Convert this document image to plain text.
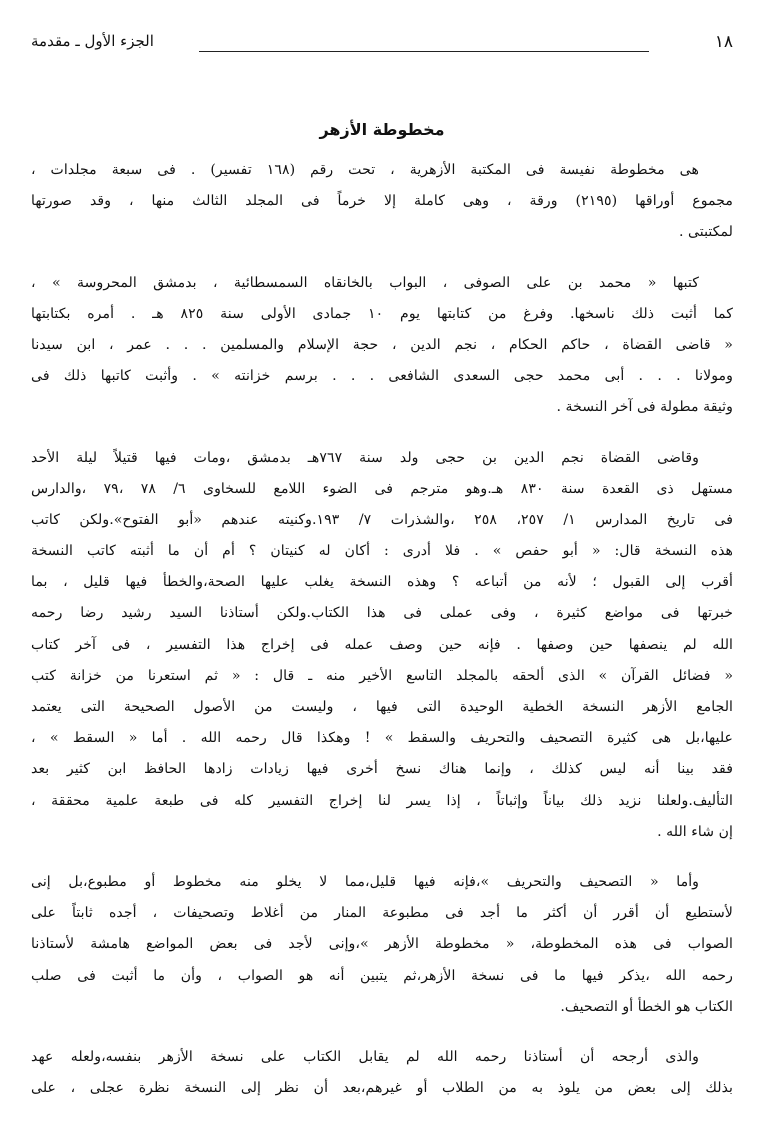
١٨
الجزء الأول ـ مقدمة
مخطوطة الأزهر
هى مخطوطة نفيسة فى المكتبة الأزهرية ، تحت رقم (١٦٨ تفسير) . فى سبعة مجلدات ،
مجموع أوراقها (٢١٩٥) ورقة ، وهى كاملة إلا خرماً فى المجلد الثالث منها ، وقد صورتها
لمكتبتى .
كتبها « محمد بن على الصوفى ، البواب بالخانقاه السمسطائية ، بدمشق المحروسة » ،
كما أثبت ذلك ناسخها. وفرغ من كتابتها يوم ١٠ جمادى الأولى سنة ٨٢٥ هـ . أمره بكتابتها
« قاضى القضاة ، حاكم الحكام ، نجم الدين ، حجة الإسلام والمسلمين . . . عمر ، ابن سيدنا
ومولانا . . . أبى محمد حجى السعدى الشافعى . . . برسم خزانته » . وأثبت كاتبها ذلك فى
وثيقة مطولة فى آخر النسخة .
وقاضى القضاة نجم الدين بن حجى ولد سنة ٧٦٧هـ بدمشق ،ومات فيها قتيلاً ليلة الأحد
مستهل ذى القعدة سنة ٨٣٠ هـ.وهو مترجم فى الضوء اللامع للسخاوى ٦/ ٧٨ ،٧٩ ،والدارس
فى تاريخ المدارس ١/ ٢٥٧، ٢٥٨ ،والشذرات ٧/ ١٩٣.وكنيته عندهم «أبو الفتوح».ولكن كاتب
هذه النسخة قال: « أبو حفص » . فلا أدرى : أكان له كنيتان ؟ أم أن ما أثبته كاتب النسخة
أقرب إلى القبول ؛ لأنه من أتباعه ؟ وهذه النسخة يغلب عليها الصحة،والخطأ فيها قليل ، بما
خبرتها فى مواضع كثيرة ، وفى عملى فى هذا الكتاب.ولكن أستاذنا السيد رشيد رضا رحمه
الله لم ينصفها حين وصفها . فإنه حين وصف عمله فى إخراج هذا التفسير ، فى آخر كتاب
« فضائل القرآن » الذى ألحقه بالمجلد التاسع الأخير منه ـ قال : « ثم استعرنا من خزانة كتب
الجامع الأزهر النسخة الخطية الوحيدة التى فيها ، وليست من الأصول الصحيحة التى يعتمد
عليها،بل هى كثيرة التصحيف والتحريف والسقط » ! وهكذا قال رحمه الله . أما « السقط » ،
فقد بينا أنه ليس كذلك ، وإنما هناك نسخ أخرى فيها زيادات زادها الحافظ ابن كثير بعد
التأليف.ولعلنا نزيد ذلك بياناً وإثباتاً ، إذا يسر لنا إخراج التفسير كله فى طبعة علمية محققة ،
إن شاء الله .
وأما « التصحيف والتحريف »،فإنه فيها قليل،مما لا يخلو منه مخطوط أو مطبوع،بل إنى
لأستطيع أن أقرر أن أكثر ما أجد فى مطبوعة المنار من أغلاط وتصحيفات ، أجده ثابتاً على
الصواب فى هذه المخطوطة، « مخطوطة الأزهر »،وإنى لأجد فى بعض المواضع هامشة لأستاذنا
رحمه الله ،يذكر فيها ما فى نسخة الأزهر،ثم يتبين أنه هو الصواب ، وأن ما أثبت فى صلب
الكتاب هو الخطأ أو التصحيف.
والذى أرجحه أن أستاذنا رحمه الله لم يقابل الكتاب على نسخة الأزهر بنفسه،ولعله عهد
بذلك إلى بعض من يلوذ به من الطلاب أو غيرهم،بعد أن نظر إلى النسخة نظرة عجلى ، على
